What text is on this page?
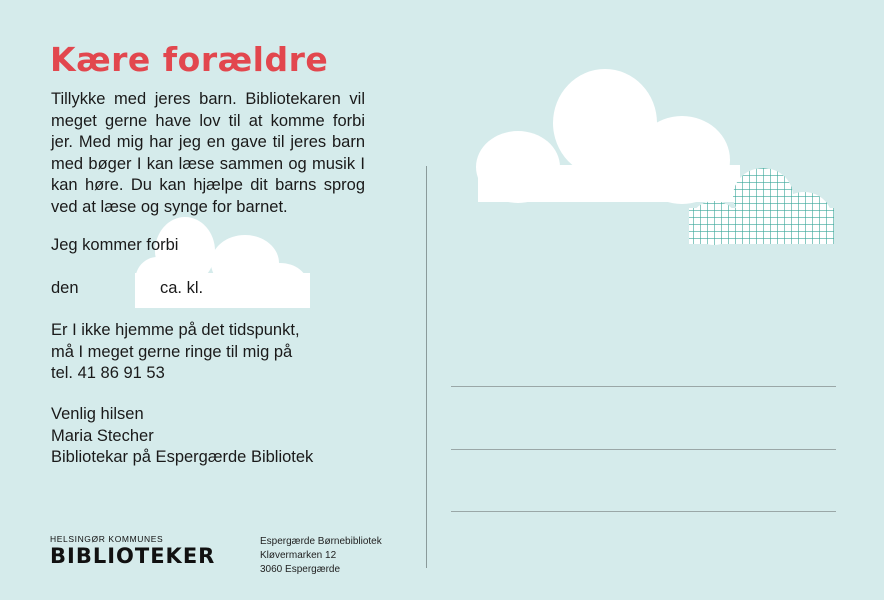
Kære forældre
Tillykke med jeres barn. Bibliotekaren vil meget gerne have lov til at komme forbi jer. Med mig har jeg en gave til jeres barn med bøger I kan læse sammen og musik I kan høre. Du kan hjælpe dit barns sprog ved at læse og synge for barnet.
Jeg kommer forbi
den	ca. kl.
Er I ikke hjemme på det tidspunkt,
må I meget gerne ringe til mig på
tel. 41 86 91 53
Venlig hilsen
Maria Stecher
Bibliotekar på Espergærde Bibliotek
HELSINGØR KOMMUNES
BIBLIOTEKER
Espergærde Børnebibliotek
Kløvermarken 12
3060 Espergærde
